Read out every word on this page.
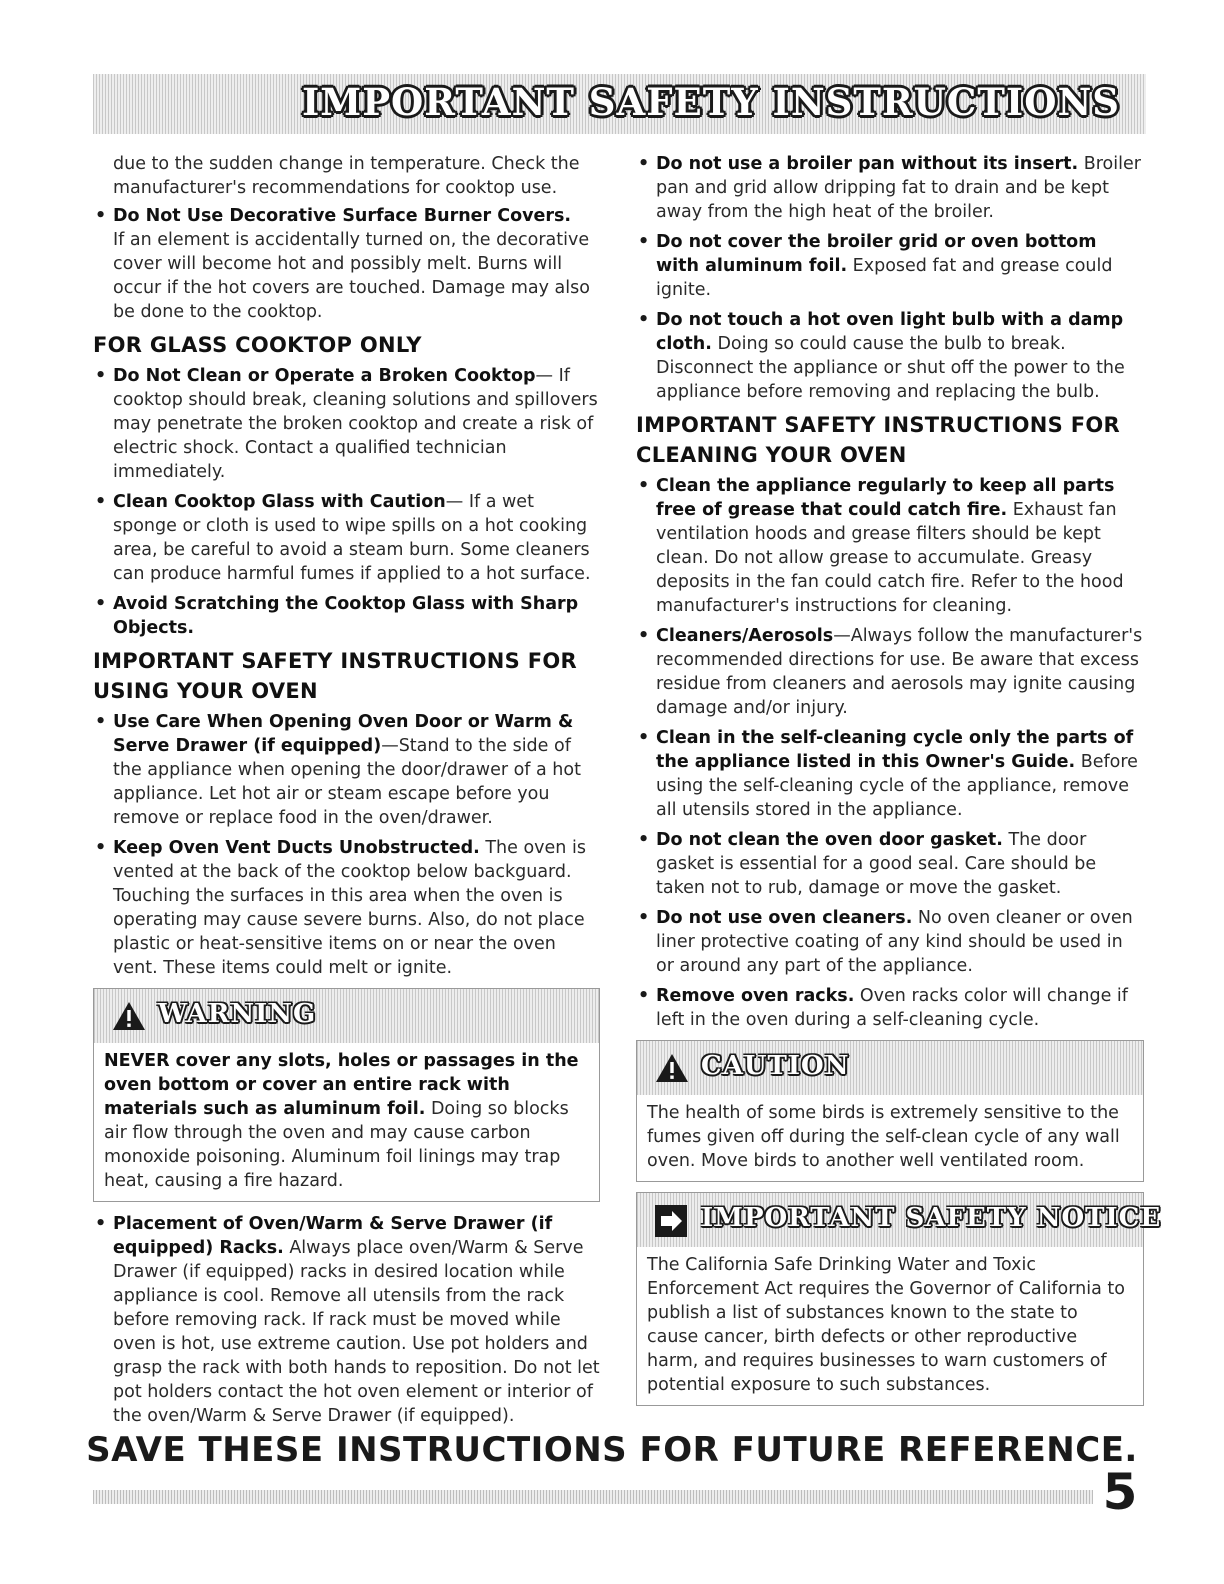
IMPORTANT SAFETY INSTRUCTIONS

due to the sudden change in temperature. Check the manufacturer's recommendations for cooktop use.

• Do Not Use Decorative Surface Burner Covers.
If an element is accidentally turned on, the decorative cover will become hot and possibly melt. Burns will occur if the hot covers are touched. Damage may also be done to the cooktop.
FOR GLASS COOKTOP ONLY
• Do Not Clean or Operate a Broken Cooktop— If cooktop should break, cleaning solutions and spillovers may penetrate the broken cooktop and create a risk of electric shock. Contact a qualified technician immediately.
• Clean Cooktop Glass with Caution— If a wet sponge or cloth is used to wipe spills on a hot cooking area, be careful to avoid a steam burn. Some cleaners can produce harmful fumes if applied to a hot surface.
• Avoid Scratching the Cooktop Glass with Sharp Objects.
IMPORTANT SAFETY INSTRUCTIONS FOR USING YOUR OVEN
• Use Care When Opening Oven Door or Warm & Serve Drawer (if equipped)—Stand to the side of the appliance when opening the door/drawer of a hot appliance. Let hot air or steam escape before you remove or replace food in the oven/drawer.
• Keep Oven Vent Ducts Unobstructed. The oven is vented at the back of the cooktop below backguard. Touching the surfaces in this area when the oven is operating may cause severe burns. Also, do not place plastic or heat-sensitive items on or near the oven vent. These items could melt or ignite.
WARNING
NEVER cover any slots, holes or passages in the oven bottom or cover an entire rack with materials such as aluminum foil. Doing so blocks air flow through the oven and may cause carbon monoxide poisoning. Aluminum foil linings may trap heat, causing a fire hazard.
• Placement of Oven/Warm & Serve Drawer (if equipped) Racks. Always place oven/Warm & Serve Drawer (if equipped) racks in desired location while appliance is cool. Remove all utensils from the rack before removing rack. If rack must be moved while oven is hot, use extreme caution. Use pot holders and grasp the rack with both hands to reposition. Do not let pot holders contact the hot oven element or interior of the oven/Warm & Serve Drawer (if equipped).
• Do not use a broiler pan without its insert. Broiler pan and grid allow dripping fat to drain and be kept away from the high heat of the broiler.
• Do not cover the broiler grid or oven bottom with aluminum foil. Exposed fat and grease could ignite.
• Do not touch a hot oven light bulb with a damp cloth. Doing so could cause the bulb to break. Disconnect the appliance or shut off the power to the appliance before removing and replacing the bulb.
IMPORTANT SAFETY INSTRUCTIONS FOR CLEANING YOUR OVEN
• Clean the appliance regularly to keep all parts free of grease that could catch fire. Exhaust fan ventilation hoods and grease filters should be kept clean. Do not allow grease to accumulate. Greasy deposits in the fan could catch fire. Refer to the hood manufacturer's instructions for cleaning.
• Cleaners/Aerosols—Always follow the manufacturer's recommended directions for use. Be aware that excess residue from cleaners and aerosols may ignite causing damage and/or injury.
• Clean in the self-cleaning cycle only the parts of the appliance listed in this Owner's Guide. Before using the self-cleaning cycle of the appliance, remove all utensils stored in the appliance.
• Do not clean the oven door gasket. The door gasket is essential for a good seal. Care should be taken not to rub, damage or move the gasket.
• Do not use oven cleaners. No oven cleaner or oven liner protective coating of any kind should be used in or around any part of the appliance.
• Remove oven racks. Oven racks color will change if left in the oven during a self-cleaning cycle.
CAUTION
The health of some birds is extremely sensitive to the fumes given off during the self-clean cycle of any wall oven. Move birds to another well ventilated room.
IMPORTANT SAFETY NOTICE
The California Safe Drinking Water and Toxic Enforcement Act requires the Governor of California to publish a list of substances known to the state to cause cancer, birth defects or other reproductive harm, and requires businesses to warn customers of potential exposure to such substances.
SAVE THESE INSTRUCTIONS FOR FUTURE REFERENCE.
5
